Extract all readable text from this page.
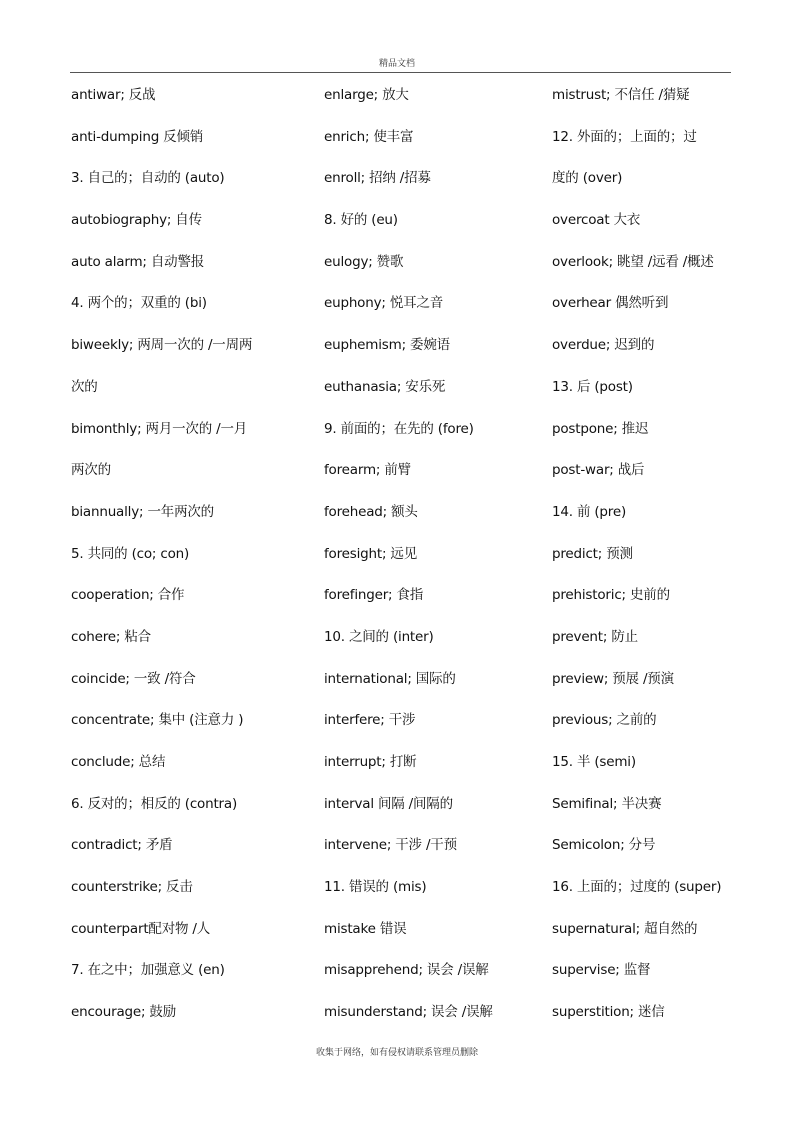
精品文档
antiwar; 反战
anti-dumping 反倾销
3. 自己的；自动的 (auto)
autobiography; 自传
auto alarm; 自动警报
4. 两个的；双重的 (bi)
biweekly; 两周一次的 /一周两
次的
bimonthly; 两月一次的 /一月
两次的
biannually; 一年两次的
5. 共同的 (co; con)
cooperation; 合作
cohere; 粘合
coincide; 一致 /符合
concentrate; 集中 (注意力 )
conclude; 总结
6. 反对的；相反的 (contra)
contradict; 矛盾
counterstrike; 反击
counterpart配对物 /人
7. 在之中；加强意义 (en)
encourage; 鼓励
enlarge; 放大
enrich; 使丰富
enroll; 招纳 /招募
8. 好的 (eu)
eulogy; 赞歌
euphony; 悦耳之音
euphemism; 委婉语
euthanasia; 安乐死
9. 前面的；在先的 (fore)
forearm; 前臂
forehead; 额头
foresight; 远见
forefinger; 食指
10. 之间的 (inter)
international; 国际的
interfere; 干涉
interrupt; 打断
interval 间隔 /间隔的
intervene; 干涉 /干预
11. 错误的 (mis)
mistake 错误
misapprehend; 误会 /误解
misunderstand; 误会 /误解
mistrust; 不信任 /猜疑
12. 外面的；上面的；过
度的 (over)
overcoat 大衣
overlook; 眺望 /远看 /概述
overhear 偶然听到
overdue; 迟到的
13. 后 (post)
postpone; 推迟
post-war; 战后
14. 前 (pre)
predict; 预测
prehistoric; 史前的
prevent; 防止
preview; 预展 /预演
previous; 之前的
15. 半 (semi)
Semifinal; 半决赛
Semicolon; 分号
16. 上面的；过度的 (super)
supernatural; 超自然的
supervise; 监督
superstition; 迷信
收集于网络，如有侵权请联系管理员删除
